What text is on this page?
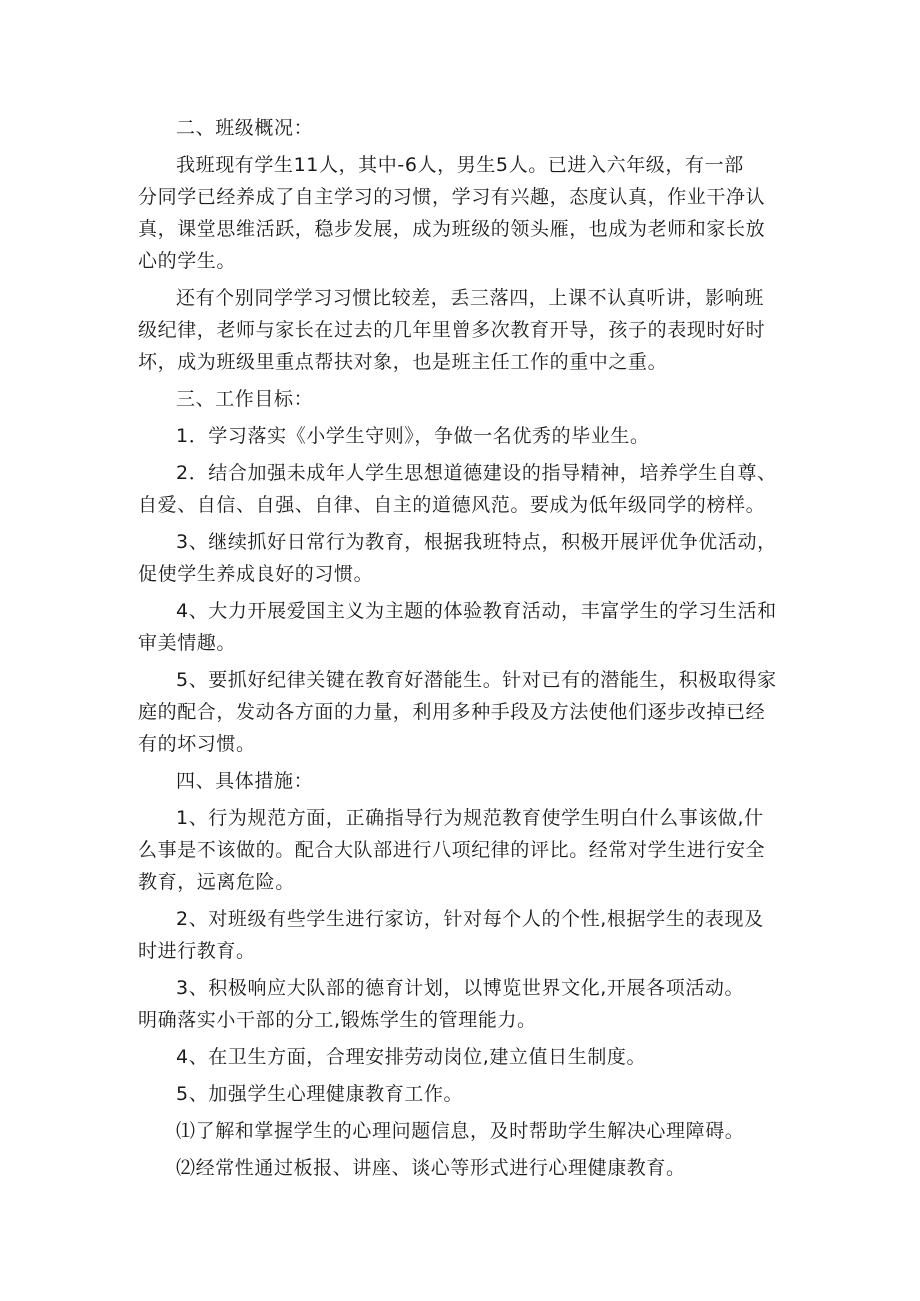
二、班级概况：

我班现有学生11人，其中-6人，男生5人。已进入六年级，有一部
分同学已经养成了自主学习的习惯，学习有兴趣，态度认真，作业干净认
真，课堂思维活跃，稳步发展，成为班级的领头雁，也成为老师和家长放
心的学生。

还有个别同学学习习惯比较差，丢三落四，上课不认真听讲，影响班
级纪律，老师与家长在过去的几年里曾多次教育开导，孩子的表现时好时
坏，成为班级里重点帮扶对象，也是班主任工作的重中之重。

三、工作目标：

1．学习落实《小学生守则》，争做一名优秀的毕业生。

2．结合加强未成年人学生思想道德建设的指导精神，培养学生自尊、
自爱、自信、自强、自律、自主的道德风范。要成为低年级同学的榜样。

3、继续抓好日常行为教育，根据我班特点，积极开展评优争优活动，
促使学生养成良好的习惯。

4、大力开展爱国主义为主题的体验教育活动，丰富学生的学习生活和
审美情趣。

5、要抓好纪律关键在教育好潜能生。针对已有的潜能生，积极取得家
庭的配合，发动各方面的力量，利用多种手段及方法使他们逐步改掉已经
有的坏习惯。

四、具体措施：

1、行为规范方面，正确指导行为规范教育使学生明白什么事该做,什
么事是不该做的。配合大队部进行八项纪律的评比。经常对学生进行安全
教育，远离危险。

2、对班级有些学生进行家访，针对每个人的个性,根据学生的表现及
时进行教育。

3、积极响应大队部的德育计划，以博览世界文化,开展各项活动。
明确落实小干部的分工,锻炼学生的管理能力。

4、在卫生方面，合理安排劳动岗位,建立值日生制度。

5、加强学生心理健康教育工作。

⑴了解和掌握学生的心理问题信息，及时帮助学生解决心理障碍。

⑵经常性通过板报、讲座、谈心等形式进行心理健康教育。
